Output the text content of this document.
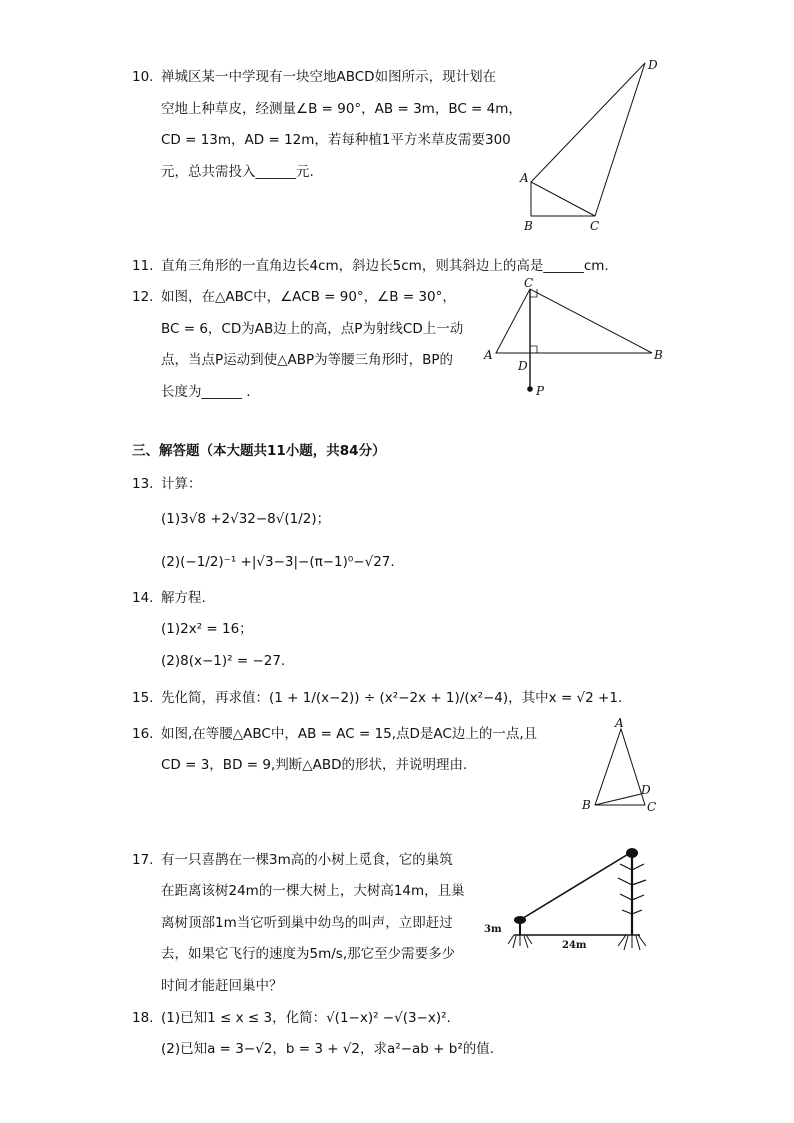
10. 禅城区某一中学现有一块空地ABCD如图所示，现计划在
空地上种草皮，经测量∠B = 90°，AB = 3m，BC = 4m，
CD = 13m，AD = 12m，若每种植1平方米草皮需要300
元，总共需投入______元.	A
B	C
D
11. 直角三角形的一直角边长4cm，斜边长5cm，则其斜边上的高是______cm.
12. 如图，在△ABC中，∠ACB = 90°，∠B = 30°，
BC = 6，CD为AB边上的高，点P为射线CD上一动
点，当点P运动到使△ABP为等腰三角形时，BP的
长度为______ .
A
C
B
D
P
三、解答题（本大题共11小题，共84分）
13. 计算：
(1)3√8 +2√32−8√(1/2)；
(2)(−1/2)⁻¹ +|√3−3|−(π−1)⁰−√27.
14. 解方程.
(1)2x² = 16；
(2)8(x−1)² = −27.
15. 先化简，再求值：(1 + 1/(x−2)) ÷ (x²−2x + 1)/(x²−4)，其中x = √2 +1.
16. 如图,在等腰△ABC中，AB = AC = 15,点D是AC边上的一点,且
CD = 3，BD = 9,判断△ABD的形状，并说明理由.
A
B	C
D
17. 有一只喜鹊在一棵3m高的小树上觅食，它的巢筑
在距离该树24m的一棵大树上，大树高14m，且巢
离树顶部1m当它听到巢中幼鸟的叫声，立即赶过
去，如果它飞行的速度为5m/s,那它至少需要多少
时间才能赶回巢中？
3m
24m
18. (1)已知1 ≤ x ≤ 3，化简：√(1−x)² −√(3−x)².
(2)已知a = 3−√2，b = 3 + √2，求a²−ab + b²的值.
